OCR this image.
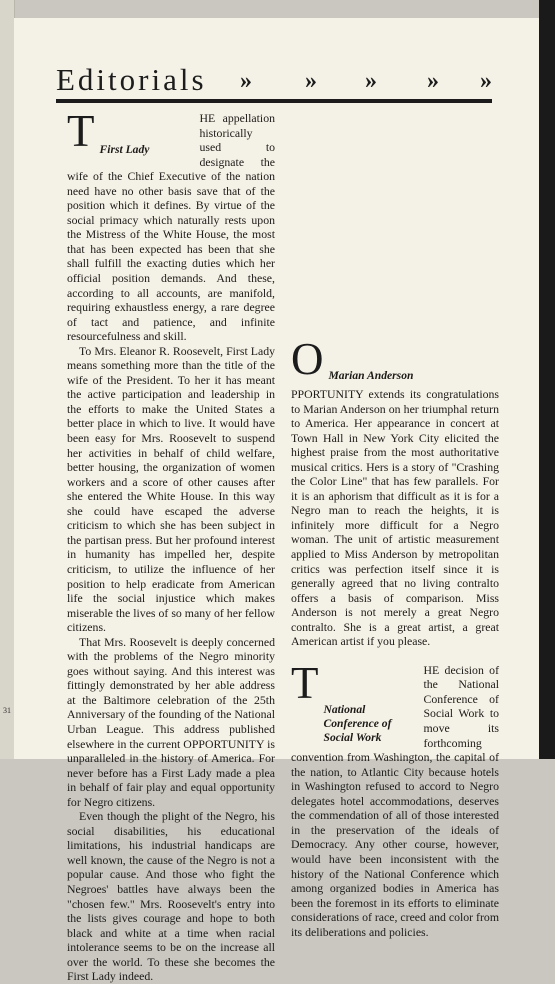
31
Editorials » » » » »
T First Lady

HE appellation historically used to designate the wife of the Chief Executive of the nation need have no other basis save that of the position which it defines. By virtue of the social primacy which naturally rests upon the Mistress of the White House, the most that has been expected has been that she shall fulfill the exacting duties which her official position demands. And these, according to all accounts, are manifold, requiring exhaustless energy, a rare degree of tact and patience, and infinite resourcefulness and skill.

To Mrs. Eleanor R. Roosevelt, First Lady means something more than the title of the wife of the President. To her it has meant the active participation and leadership in the efforts to make the United States a better place in which to live. It would have been easy for Mrs. Roosevelt to suspend her activities in behalf of child welfare, better housing, the organization of women workers and a score of other causes after she entered the White House. In this way she could have escaped the adverse criticism to which she has been subject in the partisan press. But her profound interest in humanity has impelled her, despite criticism, to utilize the influence of her position to help eradicate from American life the social injustice which makes miserable the lives of so many of her fellow citizens.

That Mrs. Roosevelt is deeply concerned with the problems of the Negro minority goes without saying. And this interest was fittingly demonstrated by her able address at the Baltimore celebration of the 25th Anniversary of the founding of the National Urban League. This address published elsewhere in the current OPPORTUNITY is unparalleled in the history of America. For never before has a First Lady made a plea in behalf of fair play and equal opportunity for Negro citizens.

Even though the plight of the Negro, his social disabilities, his educational limitations, his industrial handicaps are well known, the cause of the Negro is not a popular cause. And those who fight the Negroes' battles have always been the "chosen few." Mrs. Roosevelt's entry into the lists gives courage and hope to both black and white at a time when racial intolerance seems to be on the increase all over the world. To these she becomes the First Lady indeed.

O Marian Anderson

PPORTUNITY extends its congratulations to Marian Anderson on her triumphal return to America. Her appearance in concert at Town Hall in New York City elicited the highest praise from the most authoritative musical critics. Hers is a story of "Crashing the Color Line" that has few parallels. For it is an aphorism that difficult as it is for a Negro man to reach the heights, it is infinitely more difficult for a Negro woman. The unit of artistic measurement applied to Miss Anderson by metropolitan critics was perfection itself since it is generally agreed that no living contralto offers a basis of comparison. Miss Anderson is not merely a great Negro contralto. She is a great artist, a great American artist if you please.

T
National Conference of Social Work

HE decision of the National Conference of Social Work to move its forthcoming convention from Washington, the capital of the nation, to Atlantic City because hotels in Washington refused to accord to Negro delegates hotel accommodations, deserves the commendation of all of those interested in the preservation of the ideals of Democracy. Any other course, however, would have been inconsistent with the history of the National Conference which among organized bodies in America has been the foremost in its efforts to eliminate considerations of race, creed and color from its deliberations and policies.
